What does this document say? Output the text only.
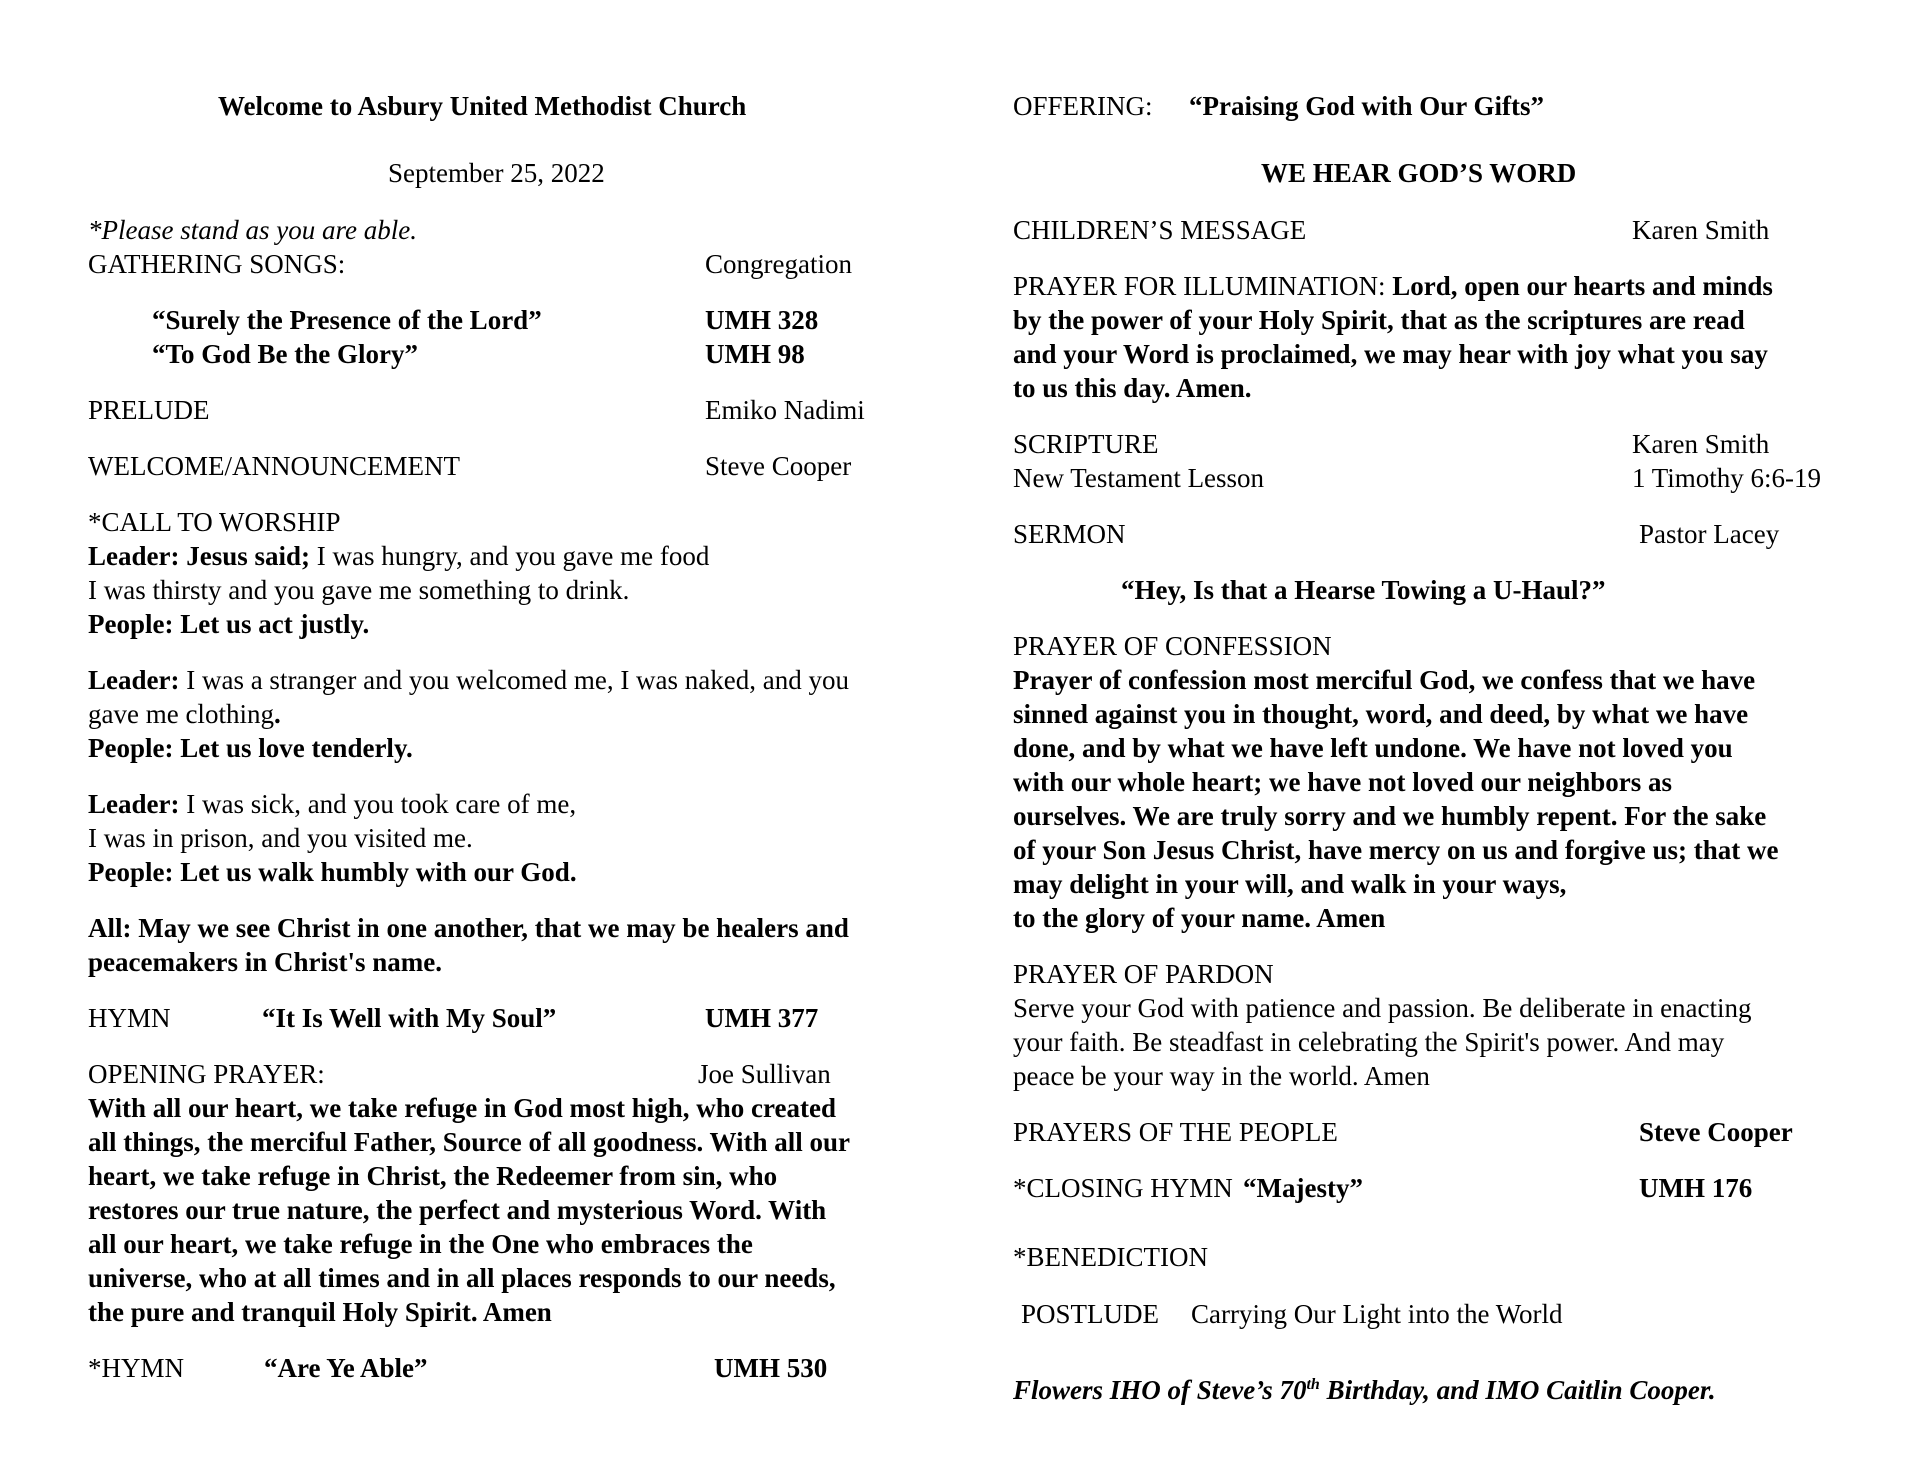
Welcome to Asbury United Methodist Church
September 25, 2022
*Please stand as you are able.
GATHERING SONGS:	Congregation
“Surely the Presence of the Lord”	UMH 328
“To God Be the Glory”	UMH 98
PRELUDE	Emiko Nadimi
WELCOME/ANNOUNCEMENT	Steve Cooper
*CALL TO WORSHIP
Leader: Jesus said; I was hungry, and you gave me food
I was thirsty and you gave me something to drink.
People: Let us act justly.
Leader: I was a stranger and you welcomed me, I was naked, and you
gave me clothing.
People: Let us love tenderly.
Leader: I was sick, and you took care of me,
I was in prison, and you visited me.
People: Let us walk humbly with our God.
All: May we see Christ in one another, that we may be healers and
peacemakers in Christ's name.
HYMN	“It Is Well with My Soul”	UMH 377
OPENING PRAYER:	Joe Sullivan
With all our heart, we take refuge in God most high, who created
all things, the merciful Father, Source of all goodness. With all our
heart, we take refuge in Christ, the Redeemer from sin, who
restores our true nature, the perfect and mysterious Word. With
all our heart, we take refuge in the One who embraces the
universe, who at all times and in all places responds to our needs,
the pure and tranquil Holy Spirit. Amen
*HYMN	“Are Ye Able”	UMH 530
OFFERING: “Praising God with Our Gifts”
WE HEAR GOD’S WORD
CHILDREN’S MESSAGE	Karen Smith
PRAYER FOR ILLUMINATION: Lord, open our hearts and minds
by the power of your Holy Spirit, that as the scriptures are read
and your Word is proclaimed, we may hear with joy what you say
to us this day. Amen.
SCRIPTURE	Karen Smith
New Testament Lesson	1 Timothy 6:6-19
SERMON	Pastor Lacey
“Hey, Is that a Hearse Towing a U-Haul?”
PRAYER OF CONFESSION
Prayer of confession most merciful God, we confess that we have
sinned against you in thought, word, and deed, by what we have
done, and by what we have left undone. We have not loved you
with our whole heart; we have not loved our neighbors as
ourselves. We are truly sorry and we humbly repent. For the sake
of your Son Jesus Christ, have mercy on us and forgive us; that we
may delight in your will, and walk in your ways,
to the glory of your name. Amen
PRAYER OF PARDON
Serve your God with patience and passion. Be deliberate in enacting
your faith. Be steadfast in celebrating the Spirit's power. And may
peace be your way in the world. Amen
PRAYERS OF THE PEOPLE	Steve Cooper
*CLOSING HYMN “Majesty”	UMH 176
*BENEDICTION
POSTLUDE Carrying Our Light into the World
Flowers IHO of Steve’s 70th Birthday, and IMO Caitlin Cooper.
